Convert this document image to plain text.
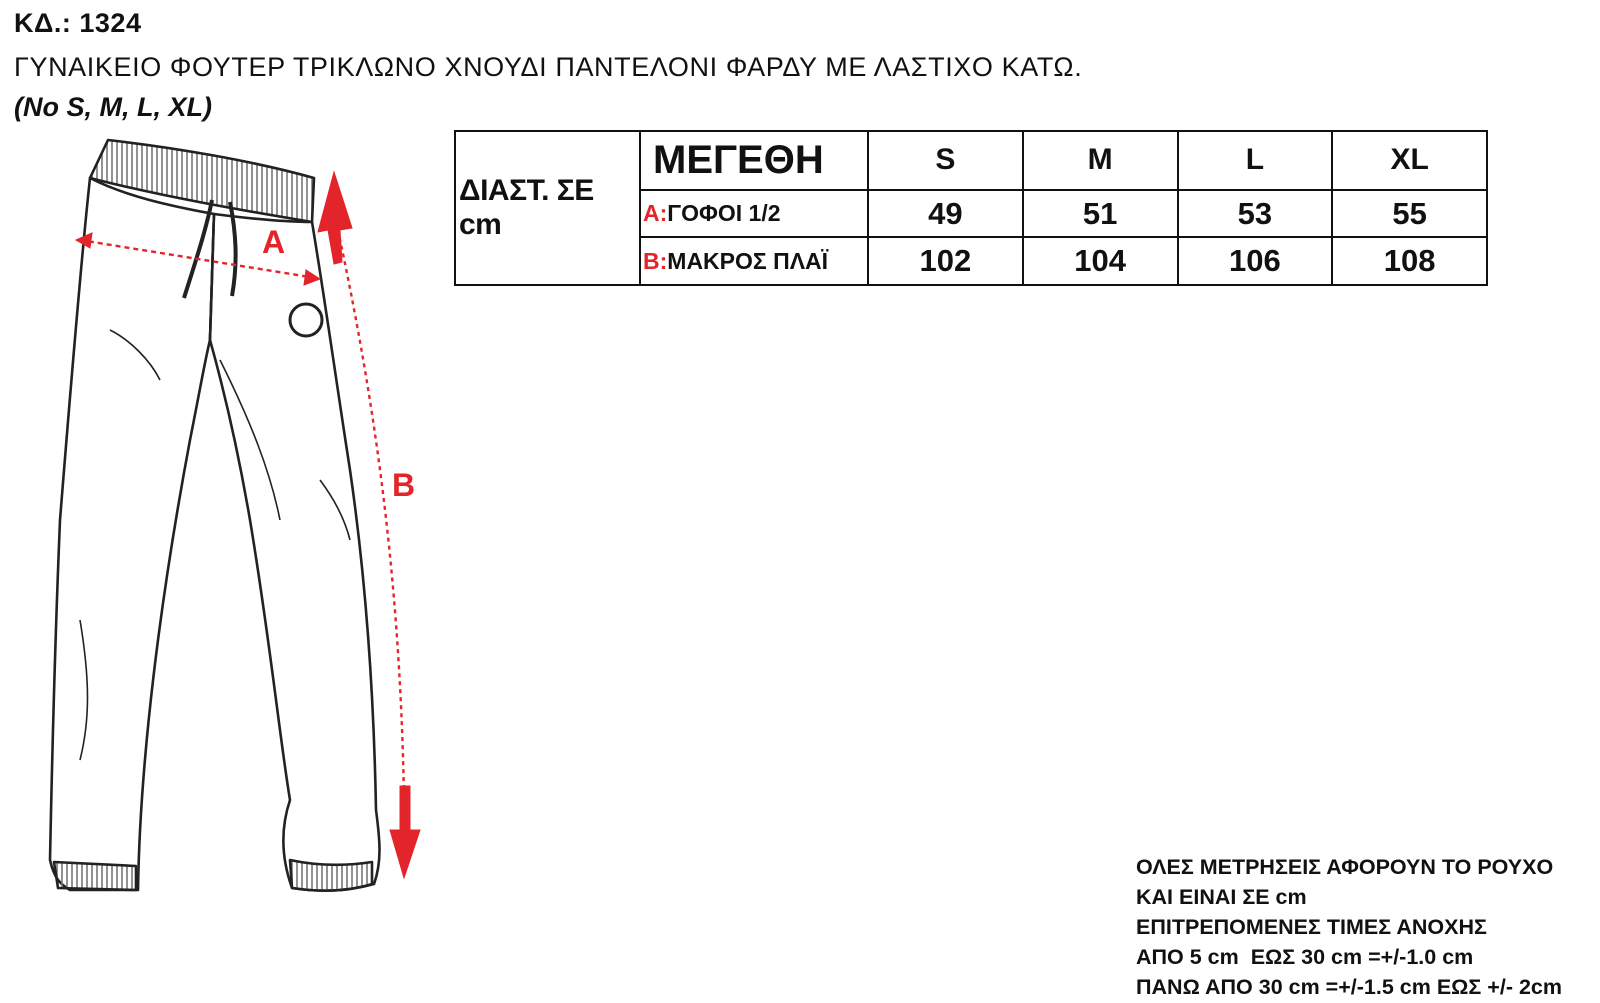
ΚΔ.: 1324
ΓΥΝΑΙΚΕΙΟ ΦΟΥΤΕΡ ΤΡΙΚΛΩΝΟ ΧΝΟΥΔΙ ΠΑΝΤΕΛΟΝΙ ΦΑΡΔΥ ΜΕ ΛΑΣΤΙΧΟ ΚΑΤΩ.
(No S, M, L, XL)
A
B
ΔΙΑΣΤ. ΣΕ cm	ΜΕΓΕΘΗ	S	M	L	XL
	A:ΓΟΦΟΙ 1/2	49	51	53	55
	B:ΜΑΚΡΟΣ ΠΛΑΪ	102	104	106	108
ΟΛΕΣ ΜΕΤΡΗΣΕΙΣ ΑΦΟΡΟΥΝ ΤΟ ΡΟΥΧΟ
ΚΑΙ ΕΙΝΑΙ ΣΕ cm
ΕΠΙΤΡΕΠΟΜΕΝΕΣ ΤΙΜΕΣ ΑΝΟΧΗΣ
ΑΠΟ 5 cm  ΕΩΣ 30 cm =+/-1.0 cm
ΠΑΝΩ ΑΠΟ 30 cm =+/-1.5 cm ΕΩΣ +/- 2cm
